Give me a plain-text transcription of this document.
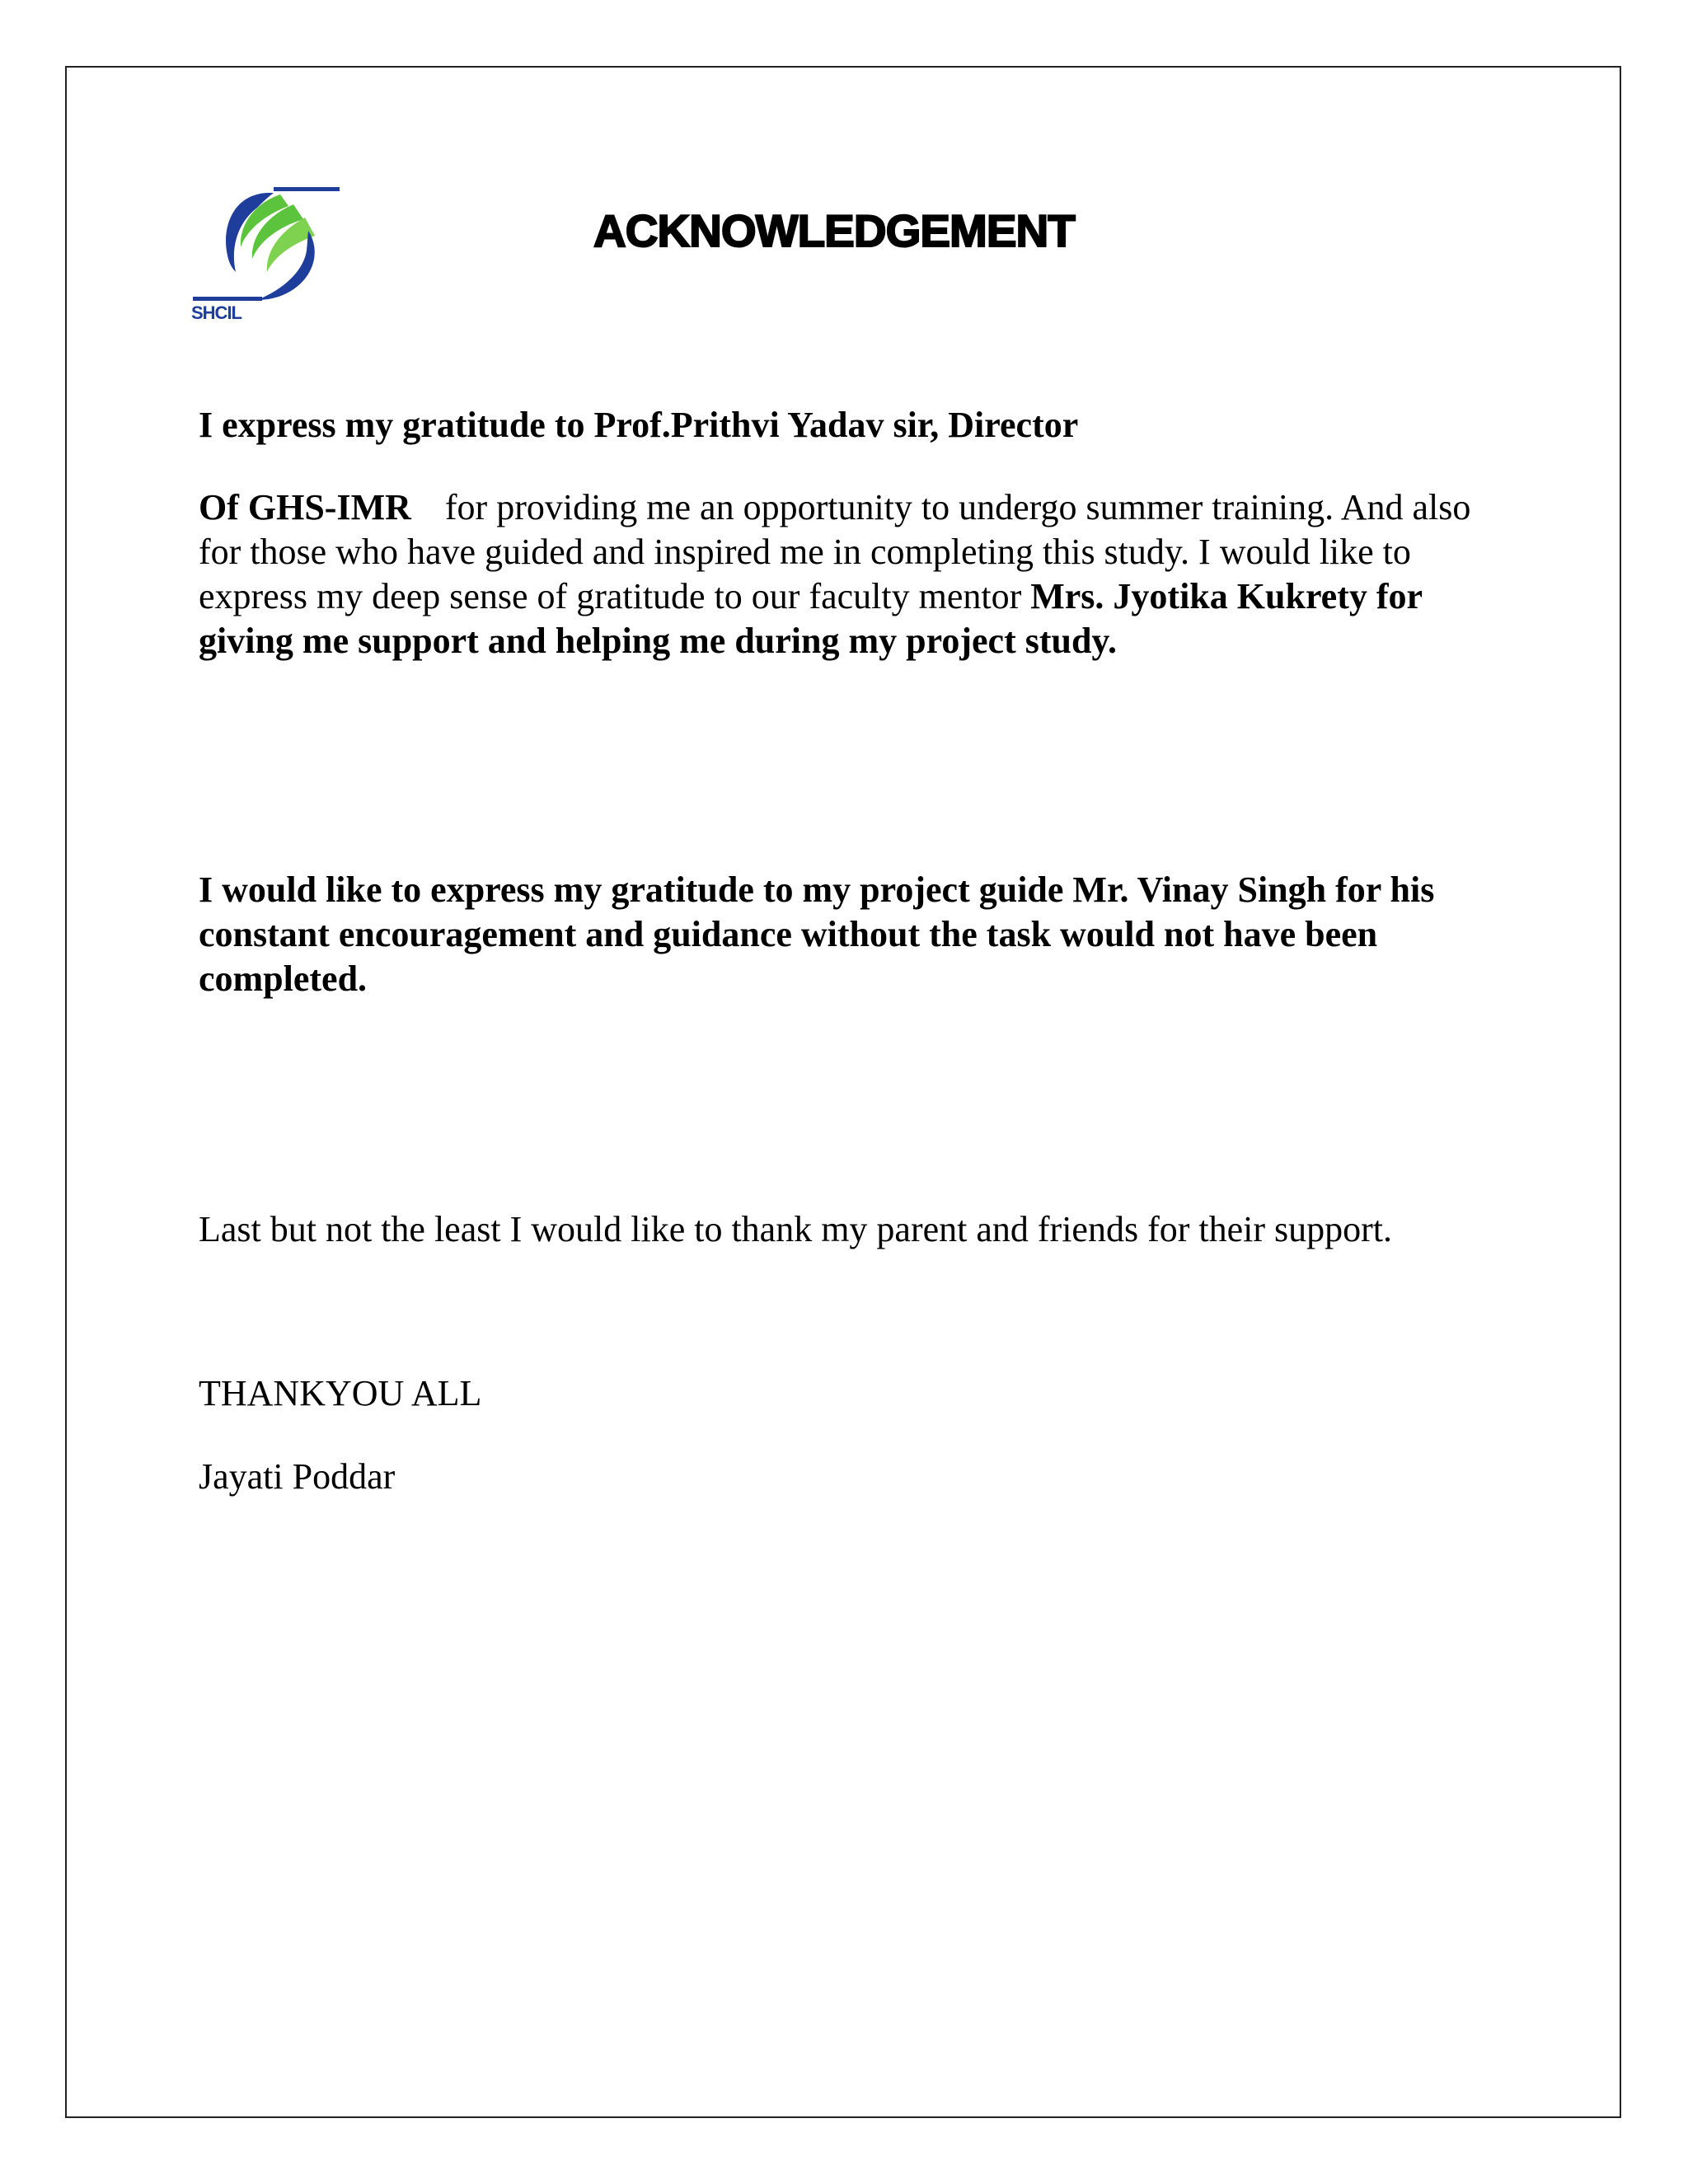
SHCIL
ACKNOWLEDGEMENT
I express my gratitude to Prof.Prithvi Yadav sir, Director
Of GHS-IMR for providing me an opportunity to undergo summer training. And also for those who have guided and inspired me in completing this study. I would like to express my deep sense of gratitude to our faculty mentor Mrs. Jyotika Kukrety for giving me support and helping me during my project study.
I would like to express my gratitude to my project guide Mr. Vinay Singh for his constant encouragement and guidance without the task would not have been completed.
Last but not the least I would like to thank my parent and friends for their support.
THANKYOU ALL
Jayati Poddar
